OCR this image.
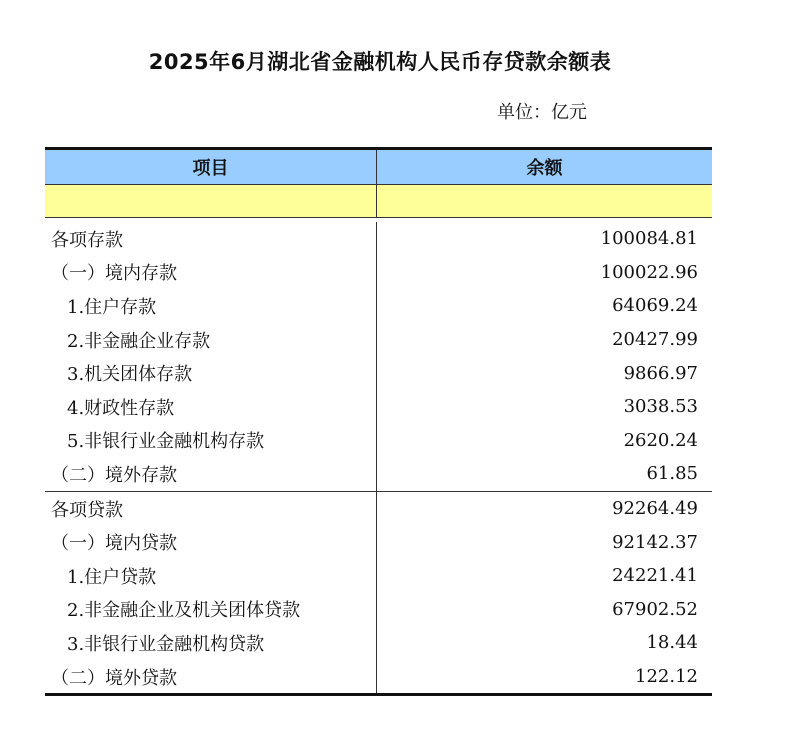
2025年6月湖北省金融机构人民币存贷款余额表
单位：亿元
项目	余额
各项存款	100084.81
（一）境内存款	100022.96
1.住户存款	64069.24
2.非金融企业存款	20427.99
3.机关团体存款	9866.97
4.财政性存款	3038.53
5.非银行业金融机构存款	2620.24
（二）境外存款	61.85
各项贷款	92264.49
（一）境内贷款	92142.37
1.住户贷款	24221.41
2.非金融企业及机关团体贷款	67902.52
3.非银行业金融机构贷款	18.44
（二）境外贷款	122.12
